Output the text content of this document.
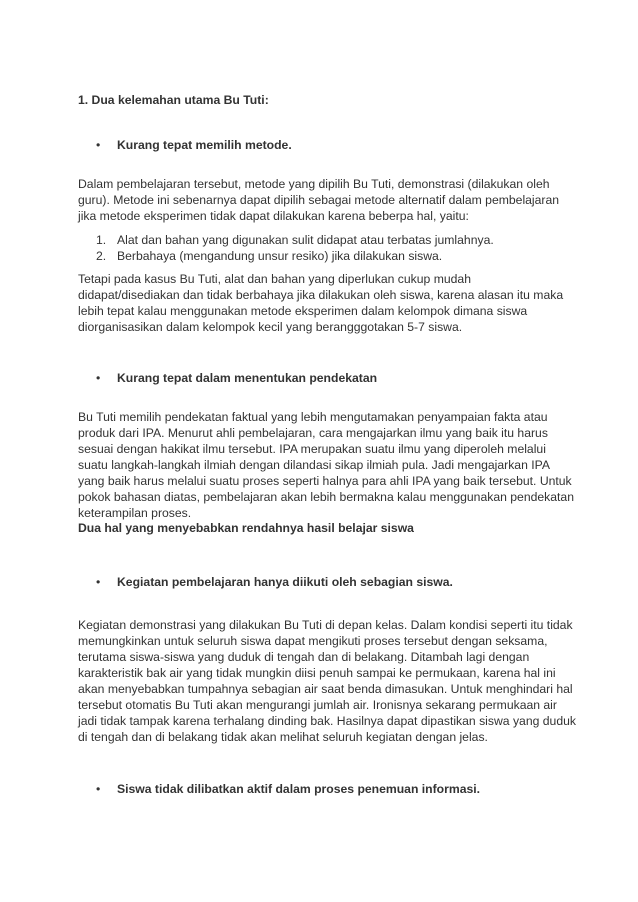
1. Dua kelemahan utama Bu Tuti:

• Kurang tepat memilih metode.
Dalam pembelajaran tersebut, metode yang dipilih Bu Tuti, demonstrasi (dilakukan oleh
guru). Metode ini sebenarnya dapat dipilih sebagai metode alternatif dalam pembelajaran
jika metode eksperimen tidak dapat dilakukan karena beberpa hal, yaitu:
1. Alat dan bahan yang digunakan sulit didapat atau terbatas jumlahnya.
2. Berbahaya (mengandung unsur resiko) jika dilakukan siswa.
Tetapi pada kasus Bu Tuti, alat dan bahan yang diperlukan cukup mudah
didapat/disediakan dan tidak berbahaya jika dilakukan oleh siswa, karena alasan itu maka
lebih tepat kalau menggunakan metode eksperimen dalam kelompok dimana siswa
diorganisasikan dalam kelompok kecil yang berangggotakan 5-7 siswa.
• Kurang tepat dalam menentukan pendekatan
Bu Tuti memilih pendekatan faktual yang lebih mengutamakan penyampaian fakta atau
produk dari IPA. Menurut ahli pembelajaran, cara mengajarkan ilmu yang baik itu harus
sesuai dengan hakikat ilmu tersebut. IPA merupakan suatu ilmu yang diperoleh melalui
suatu langkah-langkah ilmiah dengan dilandasi sikap ilmiah pula. Jadi mengajarkan IPA
yang baik harus melalui suatu proses seperti halnya para ahli IPA yang baik tersebut. Untuk
pokok bahasan diatas, pembelajaran akan lebih bermakna kalau menggunakan pendekatan
keterampilan proses.

Dua hal yang menyebabkan rendahnya hasil belajar siswa

• Kegiatan pembelajaran hanya diikuti oleh sebagian siswa.
Kegiatan demonstrasi yang dilakukan Bu Tuti di depan kelas. Dalam kondisi seperti itu tidak
memungkinkan untuk seluruh siswa dapat mengikuti proses tersebut dengan seksama,
terutama siswa-siswa yang duduk di tengah dan di belakang. Ditambah lagi dengan
karakteristik bak air yang tidak mungkin diisi penuh sampai ke permukaan, karena hal ini
akan menyebabkan tumpahnya sebagian air saat benda dimasukan. Untuk menghindari hal
tersebut otomatis Bu Tuti akan mengurangi jumlah air. Ironisnya sekarang permukaan air
jadi tidak tampak karena terhalang dinding bak. Hasilnya dapat dipastikan siswa yang duduk
di tengah dan di belakang tidak akan melihat seluruh kegiatan dengan jelas.
• Siswa tidak dilibatkan aktif dalam proses penemuan informasi.
